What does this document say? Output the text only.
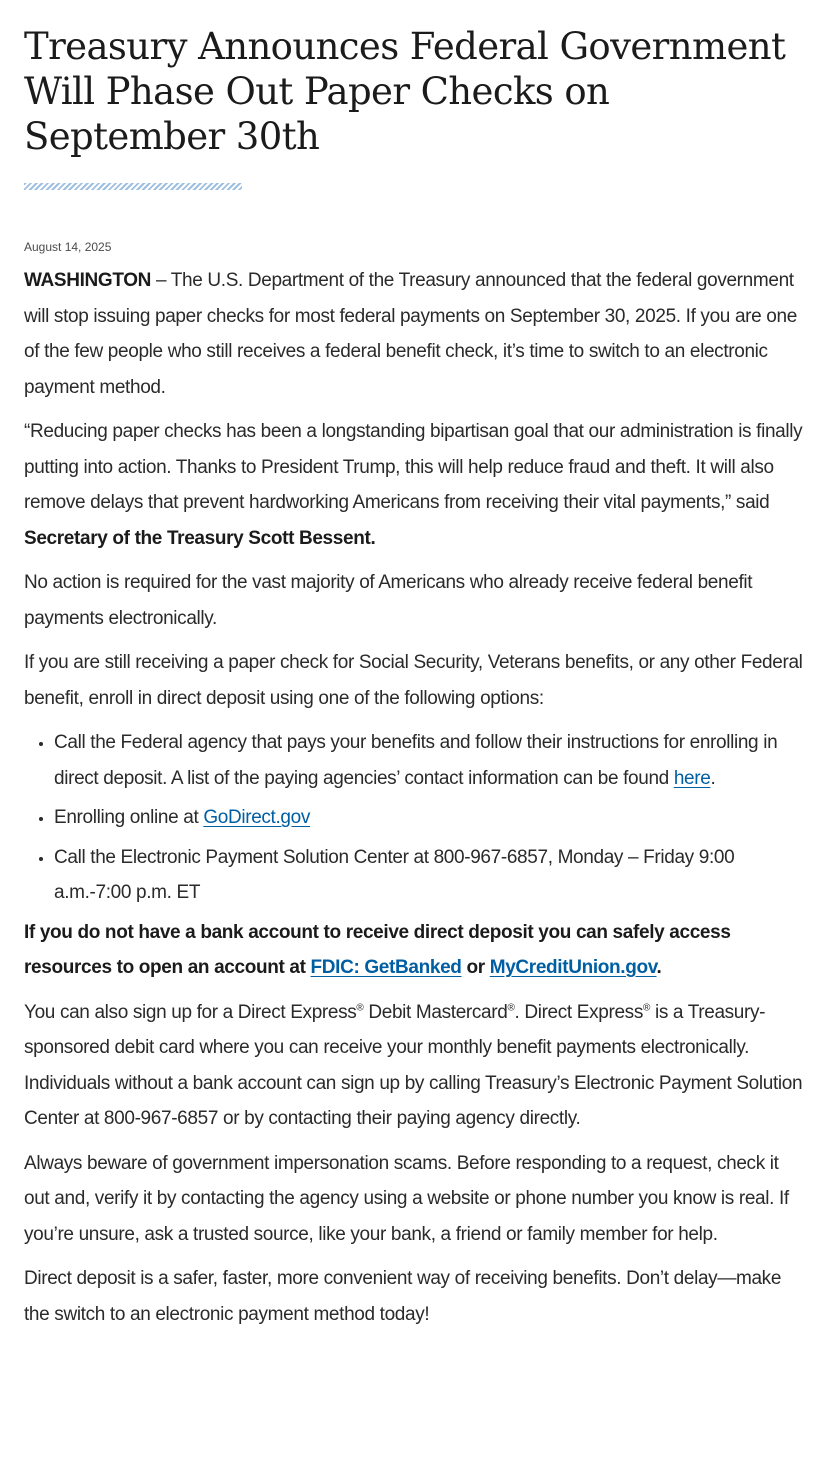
Treasury Announces Federal Government Will Phase Out Paper Checks on September 30th
August 14, 2025

WASHINGTON – The U.S. Department of the Treasury announced that the federal government will stop issuing paper checks for most federal payments on September 30, 2025. If you are one of the few people who still receives a federal benefit check, it’s time to switch to an electronic payment method.

“Reducing paper checks has been a longstanding bipartisan goal that our administration is finally putting into action. Thanks to President Trump, this will help reduce fraud and theft. It will also remove delays that prevent hardworking Americans from receiving their vital payments,” said Secretary of the Treasury Scott Bessent.

No action is required for the vast majority of Americans who already receive federal benefit payments electronically.

If you are still receiving a paper check for Social Security, Veterans benefits, or any other Federal benefit, enroll in direct deposit using one of the following options:

• Call the Federal agency that pays your benefits and follow their instructions for enrolling in direct deposit. A list of the paying agencies’ contact information can be found here.
• Enrolling online at GoDirect.gov
• Call the Electronic Payment Solution Center at 800-967-6857, Monday – Friday 9:00 a.m.-7:00 p.m. ET

If you do not have a bank account to receive direct deposit you can safely access resources to open an account at FDIC: GetBanked or MyCreditUnion.gov.

You can also sign up for a Direct Express® Debit Mastercard®. Direct Express® is a Treasury-sponsored debit card where you can receive your monthly benefit payments electronically. Individuals without a bank account can sign up by calling Treasury’s Electronic Payment Solution Center at 800-967-6857 or by contacting their paying agency directly.

Always beware of government impersonation scams. Before responding to a request, check it out and, verify it by contacting the agency using a website or phone number you know is real. If you’re unsure, ask a trusted source, like your bank, a friend or family member for help.

Direct deposit is a safer, faster, more convenient way of receiving benefits. Don’t delay—make the switch to an electronic payment method today!
